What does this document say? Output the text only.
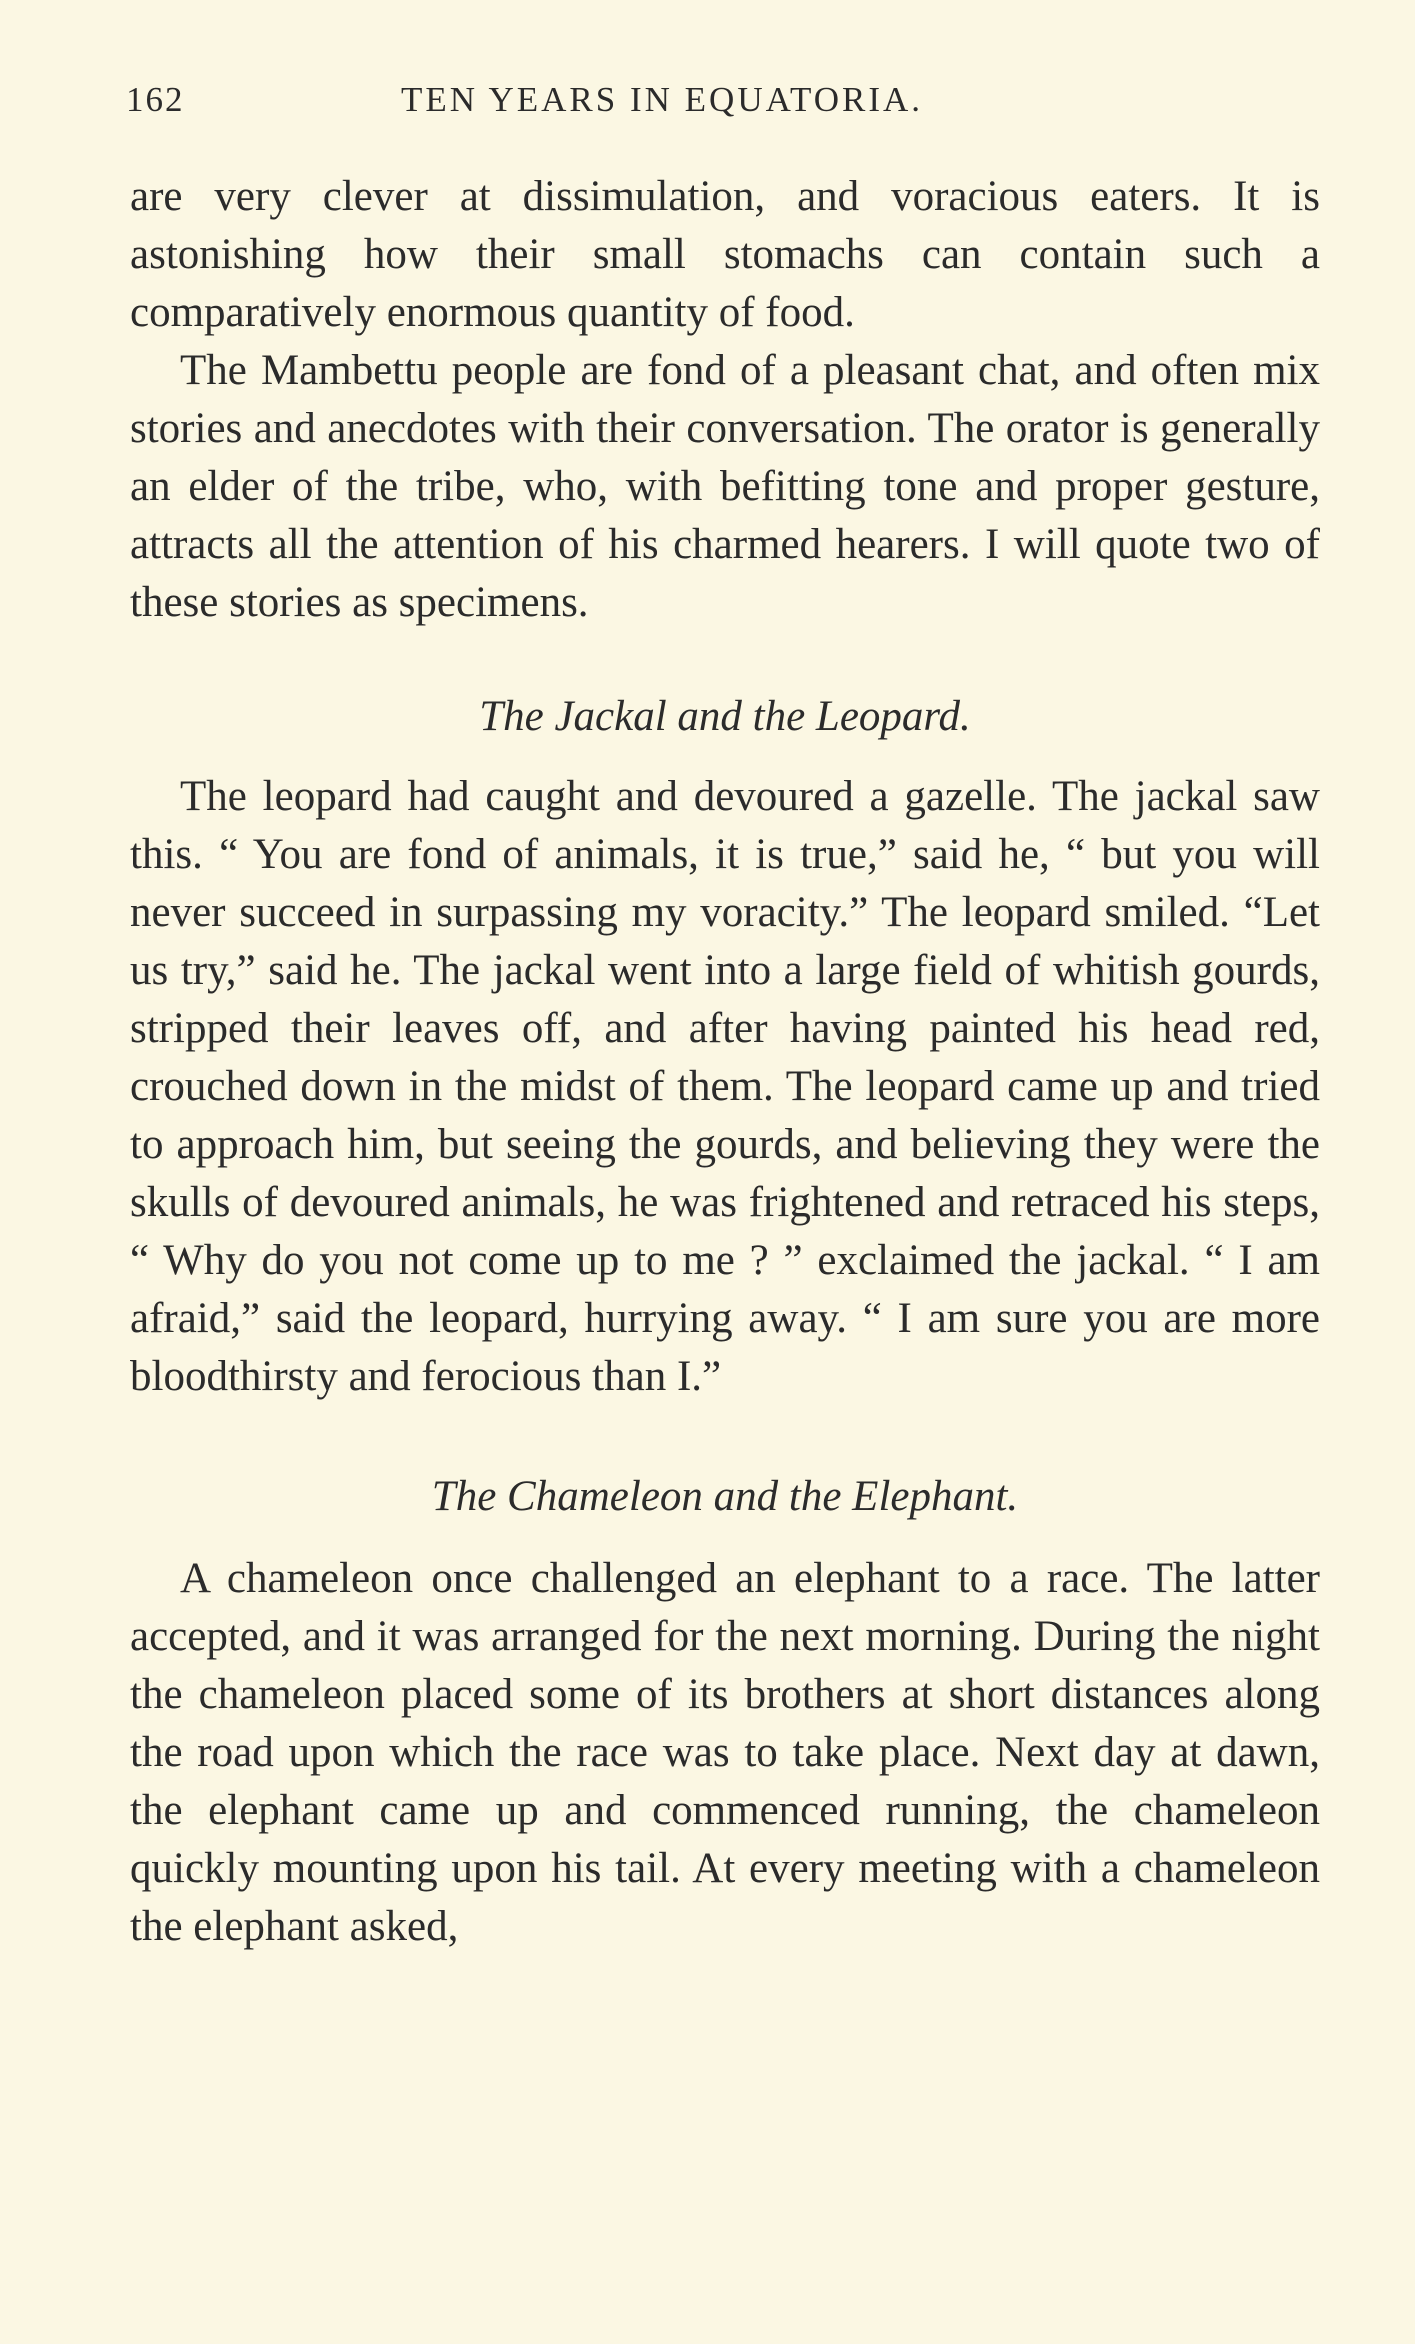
162	TEN YEARS IN EQUATORIA.

are very clever at dissimulation, and voracious eaters. It is astonishing how their small stomachs can contain such a comparatively enormous quantity of food.

The Mambettu people are fond of a pleasant chat, and often mix stories and anecdotes with their conversation. The orator is generally an elder of the tribe, who, with befitting tone and proper gesture, attracts all the attention of his charmed hearers. I will quote two of these stories as specimens.

The Jackal and the Leopard.

The leopard had caught and devoured a gazelle. The jackal saw this. “ You are fond of animals, it is true,” said he, “ but you will never succeed in surpassing my voracity.” The leopard smiled. “Let us try,” said he. The jackal went into a large field of whitish gourds, stripped their leaves off, and after having painted his head red, crouched down in the midst of them. The leopard came up and tried to approach him, but seeing the gourds, and believing they were the skulls of devoured animals, he was frightened and retraced his steps, “ Why do you not come up to me ? ” exclaimed the jackal. “ I am afraid,” said the leopard, hurrying away. “ I am sure you are more bloodthirsty and ferocious than I.”

The Chameleon and the Elephant.

A chameleon once challenged an elephant to a race. The latter accepted, and it was arranged for the next morning. During the night the chameleon placed some of its brothers at short distances along the road upon which the race was to take place. Next day at dawn, the elephant came up and commenced running, the chameleon quickly mounting upon his tail. At every meeting with a chameleon the elephant asked,
